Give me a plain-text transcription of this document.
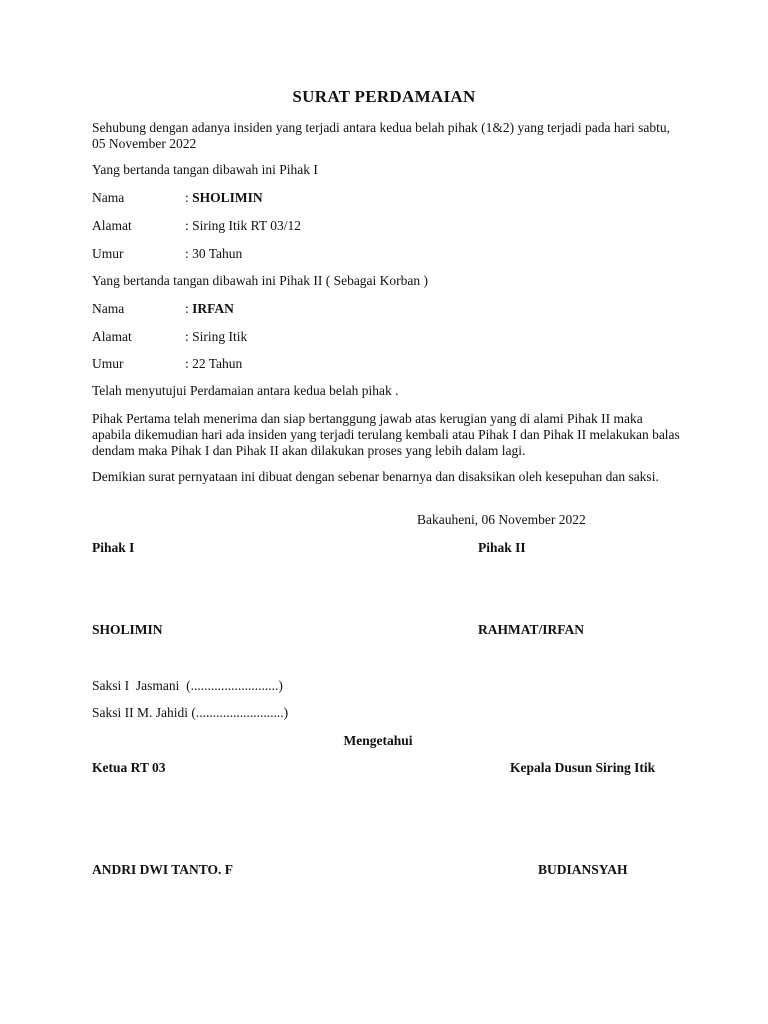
SURAT PERDAMAIAN
Sehubung dengan adanya insiden yang terjadi antara kedua belah pihak (1&2) yang terjadi pada hari sabtu, 05 November 2022
Yang bertanda tangan dibawah ini Pihak I
Nama	: SHOLIMIN
Alamat	: Siring Itik RT 03/12
Umur	: 30 Tahun
Yang bertanda tangan dibawah ini Pihak II ( Sebagai Korban )
Nama	: IRFAN
Alamat	: Siring Itik
Umur	: 22 Tahun
Telah menyutujui Perdamaian antara kedua belah pihak .
Pihak Pertama telah menerima dan siap bertanggung jawab atas kerugian yang di alami Pihak II maka apabila dikemudian hari ada insiden yang terjadi terulang kembali atau Pihak I dan Pihak II melakukan balas dendam maka Pihak I dan Pihak II akan dilakukan proses yang lebih dalam lagi.
Demikian surat pernyataan ini dibuat dengan sebenar benarnya dan disaksikan oleh kesepuhan dan saksi.
Bakauheni, 06 November 2022
Pihak I	Pihak II
SHOLIMIN	RAHMAT/IRFAN
Saksi I  Jasmani  (..........................)
Saksi II M. Jahidi (..........................)
Mengetahui
Ketua RT 03	Kepala Dusun Siring Itik
ANDRI DWI TANTO. F	BUDIANSYAH
